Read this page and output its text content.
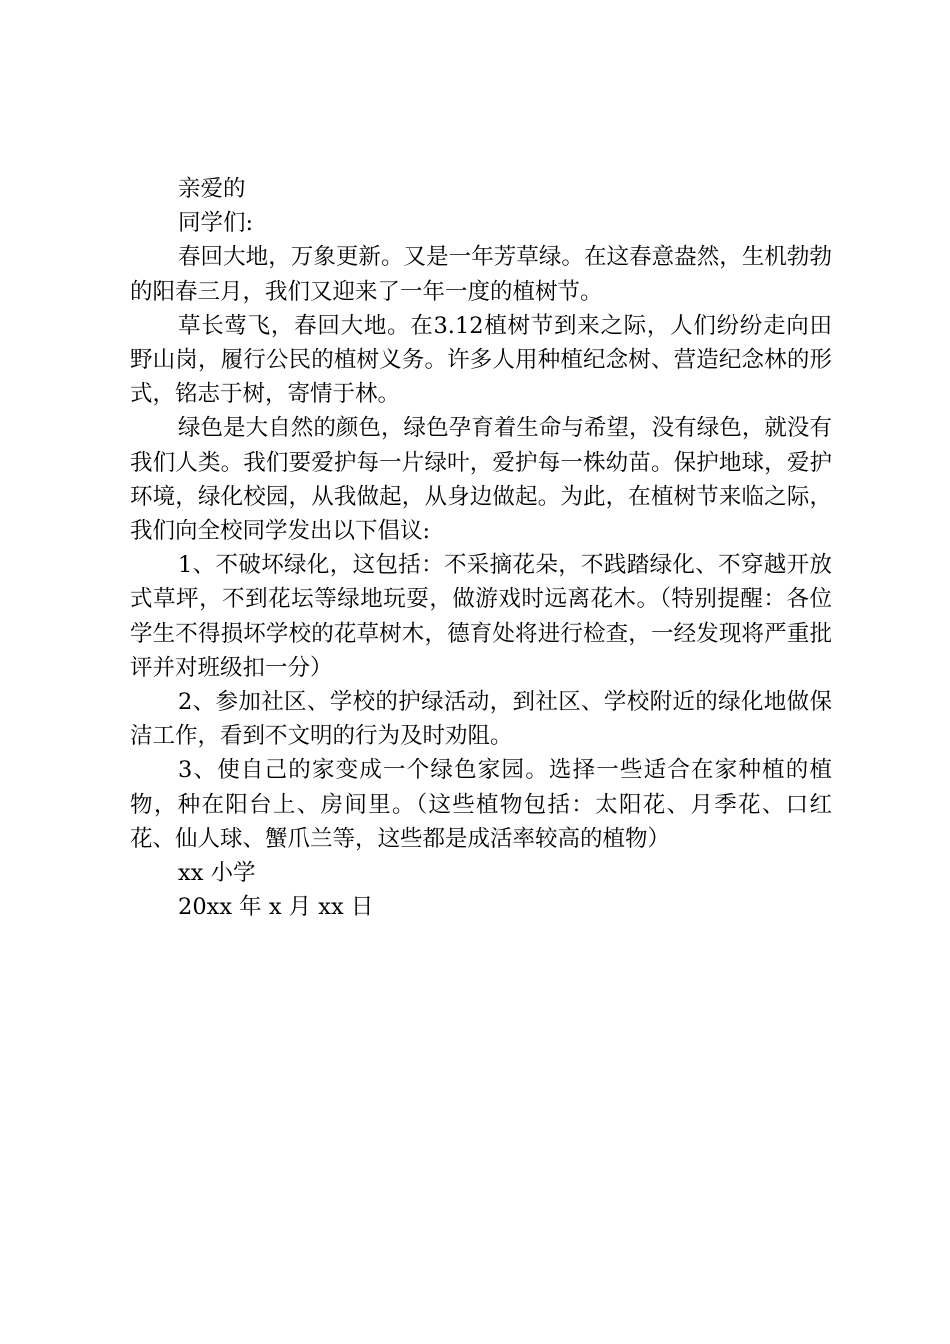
亲爱的

同学们:

春回大地，万象更新。又是一年芳草绿。在这春意盎然，生机勃勃的阳春三月，我们又迎来了一年一度的植树节。

草长莺飞，春回大地。在3.12植树节到来之际，人们纷纷走向田野山岗，履行公民的植树义务。许多人用种植纪念树、营造纪念林的形式，铭志于树，寄情于林。

绿色是大自然的颜色，绿色孕育着生命与希望，没有绿色，就没有我们人类。我们要爱护每一片绿叶，爱护每一株幼苗。保护地球，爱护环境，绿化校园，从我做起，从身边做起。为此，在植树节来临之际，我们向全校同学发出以下倡议:

1、不破坏绿化，这包括：不采摘花朵，不践踏绿化、不穿越开放式草坪，不到花坛等绿地玩耍，做游戏时远离花木。（特别提醒：各位学生不得损坏学校的花草树木，德育处将进行检查，一经发现将严重批评并对班级扣一分）

2、参加社区、学校的护绿活动，到社区、学校附近的绿化地做保洁工作，看到不文明的行为及时劝阻。

3、使自己的家变成一个绿色家园。选择一些适合在家种植的植物，种在阳台上、房间里。（这些植物包括：太阳花、月季花、口红花、仙人球、蟹爪兰等，这些都是成活率较高的植物）

xx 小学

20xx 年 x 月 xx 日
